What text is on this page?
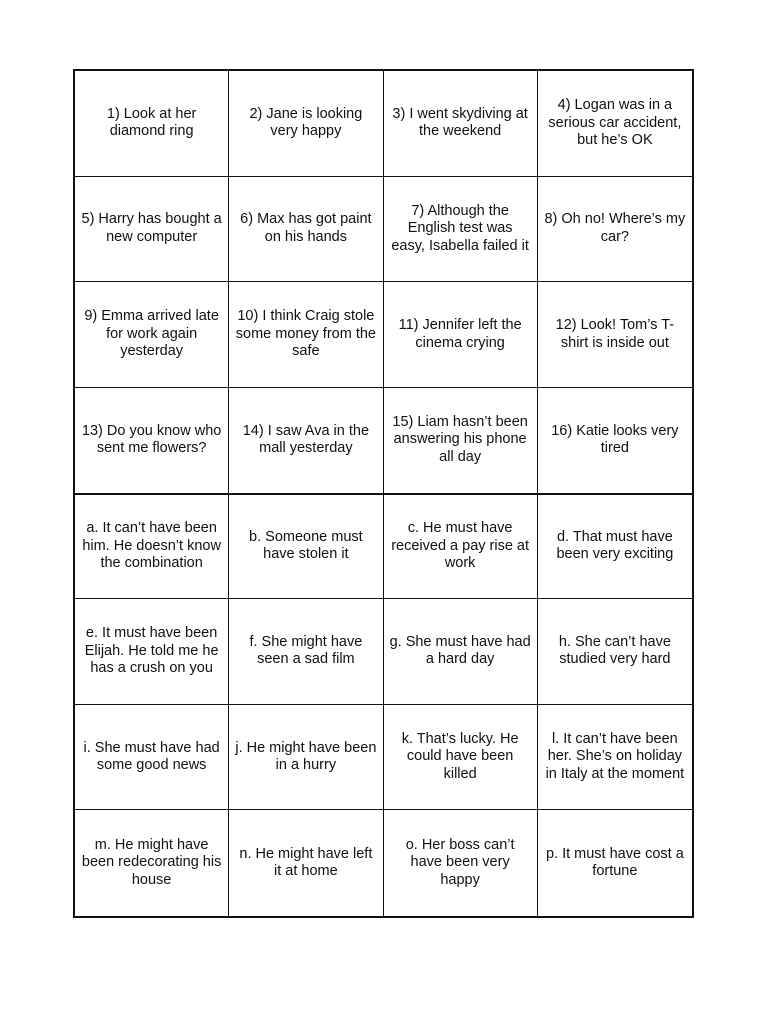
1) Look at her diamond ring
2) Jane is looking very happy
3) I went skydiving at the weekend
4) Logan was in a serious car accident, but he’s OK
5) Harry has bought a new computer
6) Max has got paint on his hands
7) Although the English test was easy, Isabella failed it
8) Oh no! Where’s my car?
9) Emma arrived late for work again yesterday
10) I think Craig stole some money from the safe
11) Jennifer left the cinema crying
12) Look! Tom’s T-shirt is inside out
13) Do you know who sent me flowers?
14) I saw Ava in the mall yesterday
15) Liam hasn’t been answering his phone all day
16) Katie looks very tired
a. It can’t have been him. He doesn’t know the combination
b. Someone must have stolen it
c. He must have received a pay rise at work
d. That must have been very exciting
e. It must have been Elijah. He told me he has a crush on you
f. She might have seen a sad film
g. She must have had a hard day
h. She can’t have studied very hard
i. She must have had some good news
j. He might have been in a hurry
k. That’s lucky. He could have been killed
l. It can’t have been her. She’s on holiday in Italy at the moment
m. He might have been redecorating his house
n. He might have left it at home
o. Her boss can’t have been very happy
p. It must have cost a fortune
